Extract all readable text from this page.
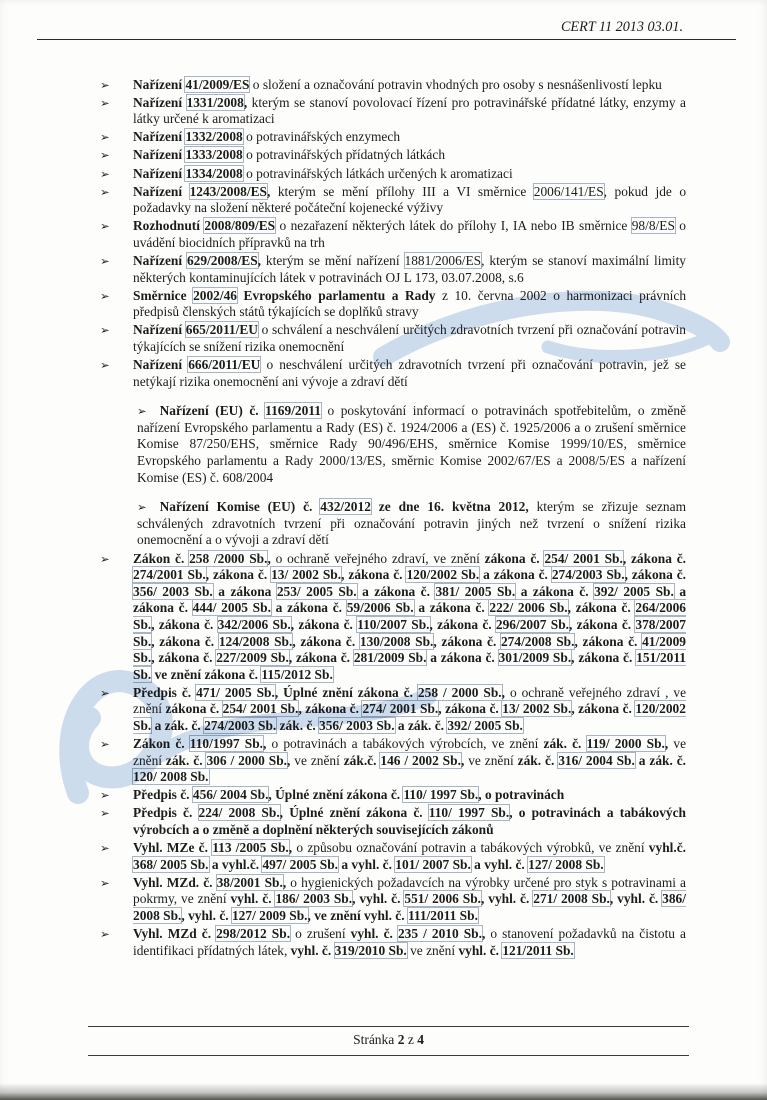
CERT 11 2013 03.01.
➢	Nařízení 41/2009/ES o složení a označování potravin vhodných pro osoby s nesnášenlivostí lepku

➢	Nařízení 1331/2008, kterým se stanoví povolovací řízení pro potravinářské přídatné látky, enzymy a látky určené k aromatizaci

➢	Nařízení 1332/2008 o potravinářských enzymech

➢	Nařízení 1333/2008 o potravinářských přídatných látkách

➢	Nařízení 1334/2008 o potravinářských látkách určených k aromatizaci

➢	Nařízení 1243/2008/ES, kterým se mění přílohy III a VI směrnice 2006/141/ES, pokud jde o požadavky na složení některé počáteční kojenecké výživy

➢	Rozhodnutí 2008/809/ES o nezařazení některých látek do přílohy I, IA nebo IB směrnice 98/8/ES o uvádění biocidních přípravků na trh

➢	Nařízení 629/2008/ES, kterým se mění nařízení 1881/2006/ES, kterým se stanoví maximální limity některých kontaminujících látek v potravinách OJ L 173, 03.07.2008, s.6

➢	Směrnice 2002/46 Evropského parlamentu a Rady z 10. června 2002 o harmonizaci právních předpisů členských států týkajících se doplňků stravy

➢	Nařízení 665/2011/EU o schválení a neschválení určitých zdravotních tvrzení při označování potravin týkajících se snížení rizika onemocnění

➢	Nařízení 666/2011/EU o neschválení určitých zdravotních tvrzení při označování potravin, jež se netýkají rizika onemocnění ani vývoje a zdraví dětí

➢ Nařízení (EU) č. 1169/2011 o poskytování informací o potravinách spotřebitelům, o změně nařízení Evropského parlamentu a Rady (ES) č. 1924/2006 a (ES) č. 1925/2006 a o zrušení směrnice Komise 87/250/EHS, směrnice Rady 90/496/EHS, směrnice Komise 1999/10/ES, směrnice Evropského parlamentu a Rady 2000/13/ES, směrnic Komise 2002/67/ES a 2008/5/ES a nařízení Komise (ES) č. 608/2004

➢ Nařízení Komise (EU) č. 432/2012 ze dne 16. května 2012, kterým se zřizuje seznam schválených zdravotních tvrzení při označování potravin jiných než tvrzení o snížení rizika onemocnění a o vývoji a zdraví dětí

➢	Zákon č. 258 /2000 Sb., o ochraně veřejného zdraví, ve znění zákona č. 254/ 2001 Sb., zákona č. 274/2001 Sb., zákona č. 13/ 2002 Sb., zákona č. 120/2002 Sb. a zákona č. 274/2003 Sb., zákona č. 356/ 2003 Sb. a zákona 253/ 2005 Sb. a zákona č. 381/ 2005 Sb. a zákona č. 392/ 2005 Sb. a zákona č. 444/ 2005 Sb. a zákona č. 59/2006 Sb. a zákona č. 222/ 2006 Sb., zákona č. 264/2006 Sb., zákona č. 342/2006 Sb., zákona č. 110/2007 Sb., zákona č. 296/2007 Sb., zákona č. 378/2007 Sb., zákona č. 124/2008 Sb., zákona č. 130/2008 Sb., zákona č. 274/2008 Sb., zákona č. 41/2009 Sb., zákona č. 227/2009 Sb., zákona č. 281/2009 Sb. a zákona č. 301/2009 Sb., zákona č. 151/2011 Sb. ve znění zákona č. 115/2012 Sb.

➢	Předpis č. 471/ 2005 Sb., Úplné znění zákona č. 258 / 2000 Sb., o ochraně veřejného zdraví , ve znění zákona č. 254/ 2001 Sb., zákona č. 274/ 2001 Sb., zákona č. 13/ 2002 Sb., zákona č. 120/2002 Sb. a zák. č. 274/2003 Sb. zák. č. 356/ 2003 Sb. a zák. č. 392/ 2005 Sb.

➢	Zákon č. 110/1997 Sb., o potravinách a tabákových výrobcích, ve znění zák. č. 119/ 2000 Sb., ve znění zák. č. 306 / 2000 Sb., ve znění zák.č. 146 / 2002 Sb., ve znění zák. č. 316/ 2004 Sb. a zák. č. 120/ 2008 Sb.

➢	Předpis č. 456/ 2004 Sb., Úplné znění zákona č. 110/ 1997 Sb., o potravinách

➢	Předpis č. 224/ 2008 Sb., Úplné znění zákona č. 110/ 1997 Sb., o potravinách a tabákových výrobcích a o změně a doplnění některých souvisejících zákonů

➢	Vyhl. MZe č. 113 /2005 Sb., o způsobu označování potravin a tabákových výrobků, ve znění vyhl.č. 368/ 2005 Sb. a vyhl.č. 497/ 2005 Sb. a vyhl. č. 101/ 2007 Sb. a vyhl. č. 127/ 2008 Sb.

➢	Vyhl. MZd. č. 38/2001 Sb., o hygienických požadavcích na výrobky určené pro styk s potravinami a pokrmy, ve znění vyhl. č. 186/ 2003 Sb., vyhl. č. 551/ 2006 Sb., vyhl. č. 271/ 2008 Sb., vyhl. č. 386/ 2008 Sb., vyhl. č. 127/ 2009 Sb., ve znění vyhl. č. 111/2011 Sb.

➢	Vyhl. MZd č. 298/2012 Sb. o zrušení vyhl. č. 235 / 2010 Sb., o stanovení požadavků na čistotu a identifikaci přídatných látek, vyhl. č. 319/2010 Sb. ve znění vyhl. č. 121/2011 Sb.

Stránka 2 z 4
